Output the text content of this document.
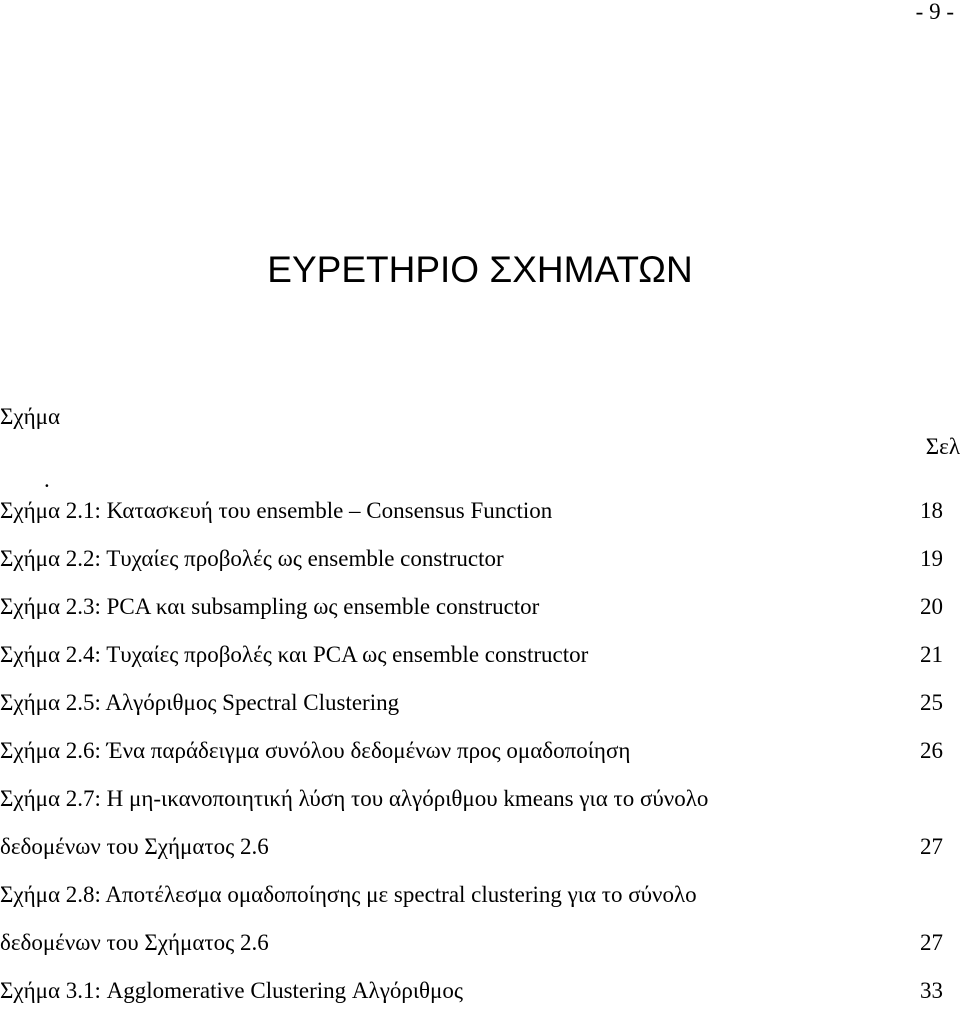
- 9 -
ΕΥΡΕΤΗΡΙΟ ΣΧΗΜΑΤΩΝ
Σχήμα
Σελ
.
Σχήμα 2.1: Κατασκευή του ensemble – Consensus Function	18
Σχήμα 2.2: Τυχαίες προβολές ως ensemble constructor	19
Σχήμα 2.3: PCA και subsampling ως ensemble constructor	20
Σχήμα 2.4: Τυχαίες προβολές και PCA ως ensemble constructor	21
Σχήμα 2.5: Αλγόριθμος Spectral Clustering	25
Σχήμα 2.6: Ένα παράδειγμα συνόλου δεδομένων προς ομαδοποίηση	26
Σχήμα 2.7: Η μη-ικανοποιητική λύση του αλγόριθμου kmeans για το σύνολο
δεδομένων του Σχήματος 2.6	27
Σχήμα 2.8: Αποτέλεσμα ομαδοποίησης με spectral clustering για το σύνολο
δεδομένων του Σχήματος 2.6	27
Σχήμα 3.1: Agglomerative Clustering Αλγόριθμος	33
